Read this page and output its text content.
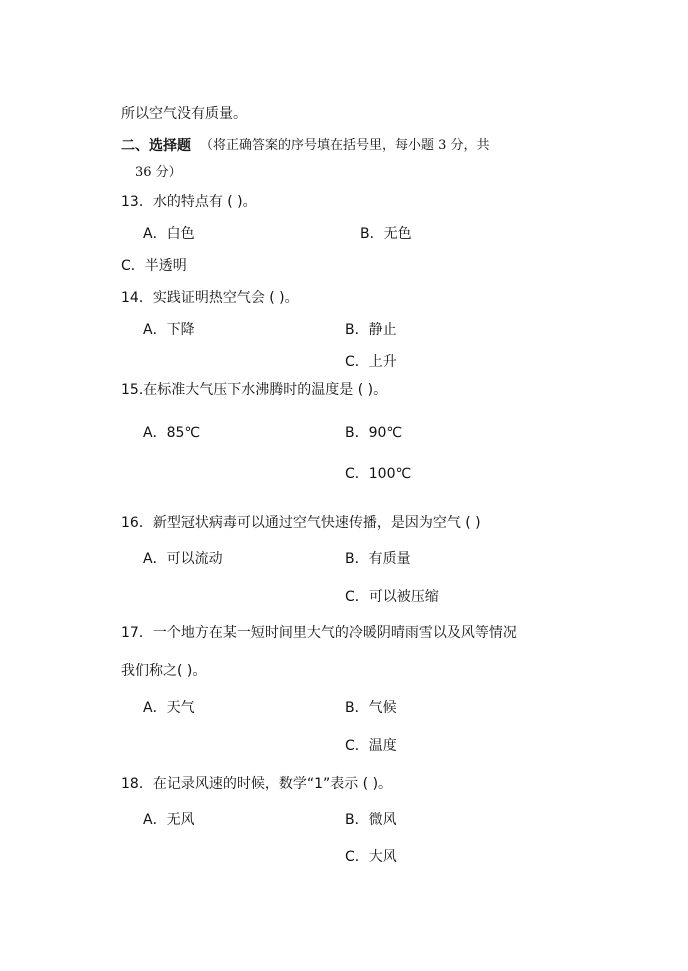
所以空气没有质量。
二、选择题 （将正确答案的序号填在括号里，每小题 3 分，共
36 分）
13．水的特点有 ( )。
A．白色	B．无色
C．半透明
14．实践证明热空气会 ( )。
A．下降	B．静止
C．上升
15.在标准大气压下水沸腾时的温度是 ( )。
A．85℃	B．90℃
C．100℃
16．新型冠状病毒可以通过空气快速传播，是因为空气 ( )
A．可以流动	B．有质量
C．可以被压缩
17．一个地方在某一短时间里大气的冷暖阴晴雨雪以及风等情况
我们称之( )。
A．天气	B．气候
C．温度
18．在记录风速的时候，数学“1”表示 ( )。
A．无风	B．微风
C．大风
